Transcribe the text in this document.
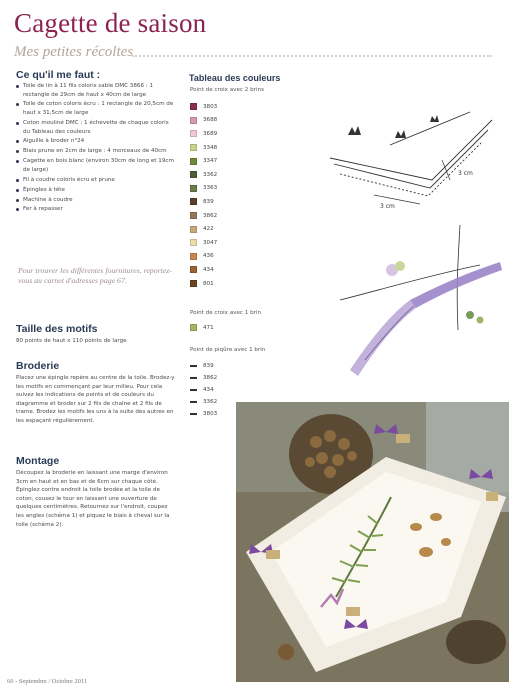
Cagette de saison
Mes petites récoltes
Ce qu'il me faut :
Toile de lin à 11 fils coloris sable DMC 3866 : 1 rectangle de 29cm de haut x 40cm de large
Toile de coton coloris écru : 1 rectangle de 20,5cm de haut x 31,5cm de large
Coton mouliné DMC : 1 échevette de chaque coloris du Tableau des couleurs
Aiguille à broder n°24
Biais prune en 2cm de large : 4 morceaux de 40cm
Cagette en bois blanc (environ 30cm de long et 19cm de large)
Fil à coudre coloris écru et prune
Épingles à tête
Machine à coudre
Fer à repasser
Pour trouver les différentes fournitures, reportez-vous au carnet d'adresses page 67.
Taille des motifs
80 points de haut x 110 points de large
Broderie
Placez une épingle repère au centre de la toile. Brodez-y les motifs en commençant par leur milieu. Pour cela suivez les indications de points et de couleurs du diagramme et broder sur 2 fils de chaîne et 2 fils de trame. Brodez les motifs les uns à la suite des autres en les espaçant régulièrement.
Montage
Découpez la broderie en laissant une marge d'environ 3cm en haut et en bas et de 6cm sur chaque côté. Épinglez contre endroit la toile brodée et la toile de coton, cousez le tour en laissant une ouverture de quelques centimètres. Retournez sur l'endroit, coupez les angles (schéma 1) et piquez le biais à cheval sur la toile (schéma 2).
Tableau des couleurs
Point de croix avec 2 brins
3803
3688
3689
3348
3347
3362
3363
839
3862
422
3047
436
434
801
Point de croix avec 1 brin
471
Point de piqûre avec 1 brin
839
3862
434
3362
3803
3 cm
3 cm
60 - Septembre / Octobre 2011
